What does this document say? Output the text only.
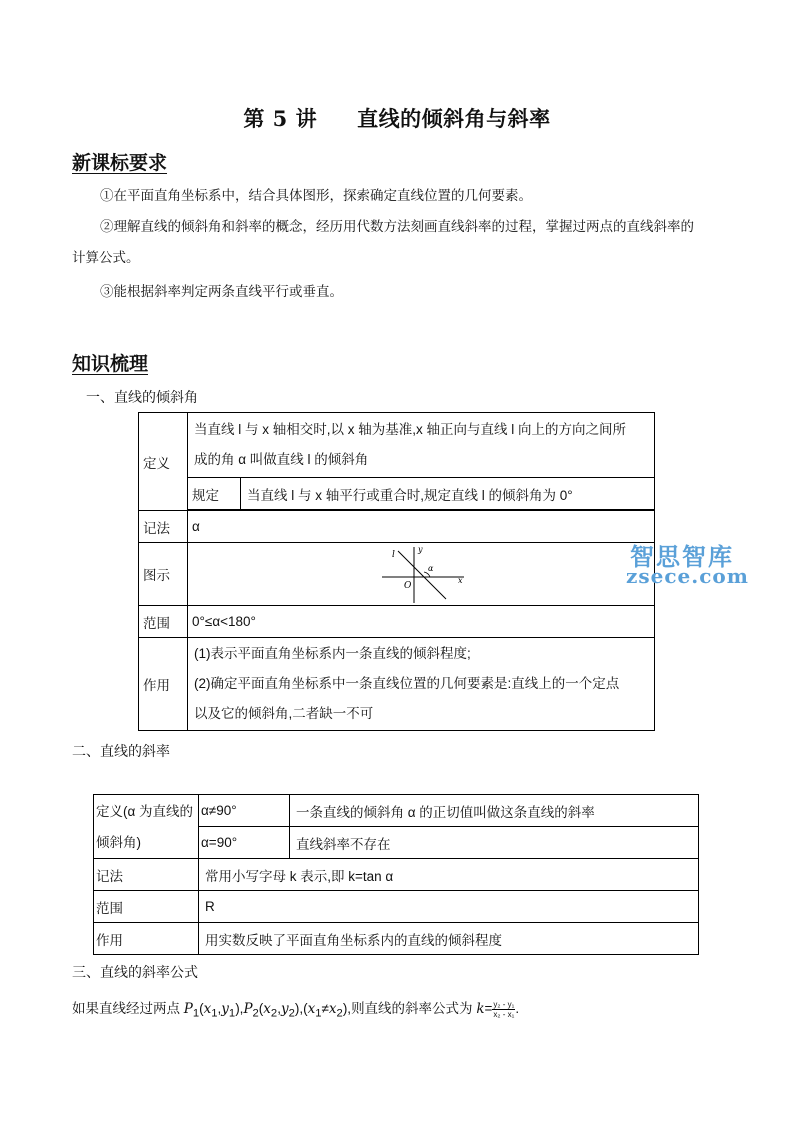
第 5 讲 直线的倾斜角与斜率
新课标要求
①在平面直角坐标系中，结合具体图形，探索确定直线位置的几何要素。
②理解直线的倾斜角和斜率的概念，经历用代数方法刻画直线斜率的过程，掌握过两点的直线斜率的
计算公式。
③能根据斜率判定两条直线平行或垂直。
知识梳理
一、直线的倾斜角
定义	当直线 l 与 x 轴相交时,以 x 轴为基准,x 轴正向与直线 l 向上的方向之间所
成的角 α 叫做直线 l 的倾斜角	

	规定	当直线 l 与 x 轴平行或重合时,规定直线 l 的倾斜角为 0°

记法	α	
图示	l
y
α
O
x	

范围	0°≤α<180°	
作用	(1)表示平面直角坐标系内一条直线的倾斜程度;
(2)确定平面直角坐标系中一条直线位置的几何要素是:直线上的一个定点
以及它的倾斜角,二者缺一不可	
智思智库
zsece.com
二、直线的斜率
定义(α 为直线的
倾斜角)	α≠90°	一条直线的倾斜角 α 的正切值叫做这条直线的斜率
	α=90°	直线斜率不存在
记法	常用小写字母 k 表示,即 k=tan α	
范围	R	
作用	用实数反映了平面直角坐标系内的直线的倾斜程度	
三、直线的斜率公式
如果直线经过两点 $P_1(x_1,y_1),P_2(x_2,y_2),(x_1\ne x_2)$,则直线的斜率公式为 $k= \frac{\text{y₂ - y₁}}{\text{x₂ - x₁}}$ .
